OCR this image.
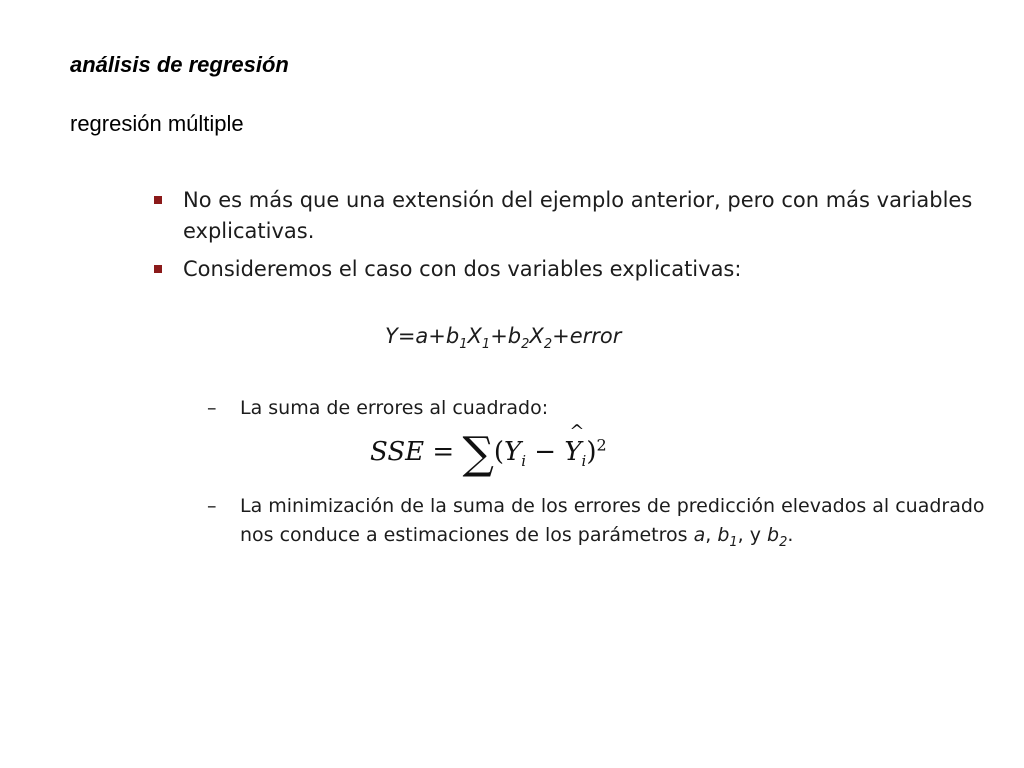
análisis de regresión

regresión múltiple

No es más que una extensión del ejemplo anterior, pero con más variables explicativas.
Consideremos el caso con dos variables explicativas:
$Y=a+b_1X_1+b_2X_2+error$
–	La suma de errores al cuadrado:
SSE = $\sum(Y_i$ − ^ $Y_i)^2$
–	La minimización de la suma de los errores de predicción elevados al cuadrado nos conduce a estimaciones de los parámetros a, $b_1$, y $b_2$.
